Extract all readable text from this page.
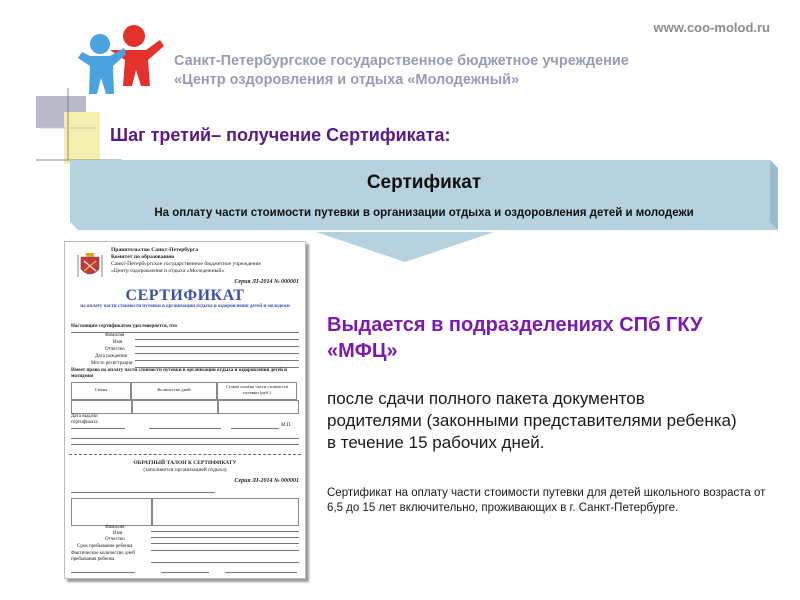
www.coo-molod.ru
Санкт-Петербургское государственное бюджетное учреждение
«Центр оздоровления и отдыха «Молодежный»
Шаг третий– получение Сертификата:
Сертификат
На оплату части стоимости путевки в организации отдыха и оздоровления детей и молодежи
Правительство Санкт-Петербурга
Комитет по образованию
Санкт-Петербургское государственное бюджетное учреждение
«Центр оздоровления и отдыха «Молодежный»
Серия ЛI-2014 № 000001
СЕРТИФИКАТ
на оплату части стоимости путевки в организации отдыха и оздоровления детей и молодежи
Настоящим сертификатом удостоверяется, что
Фамилия
Имя
Отчество
Дата рождения
Место регистрации
Имеет право на оплату части стоимости путевки в организации отдыха и оздоровления детей и молодежи
Смена	Количество дней
Сумма оплаты части стоимости путевки (руб.)
Дата выдачи сертификата
М.П.
ОБРАТНЫЙ ТАЛОН К СЕРТИФИКАТУ
(заполняется организацией отдыха)
Серия ЛI-2014 № 000001
Фамилия
Имя
Отчество
Срок пребывания ребенка
Фактическое количество дней пребывания ребенка
Выдается в подразделениях СПб ГКУ «МФЦ»
после сдачи полного пакета документов родителями (законными представителями ребенка) в течение 15 рабочих дней.
Сертификат на оплату части стоимости путевки для детей школьного возраста от 6,5 до 15 лет включительно, проживающих в г. Санкт-Петербурге.
